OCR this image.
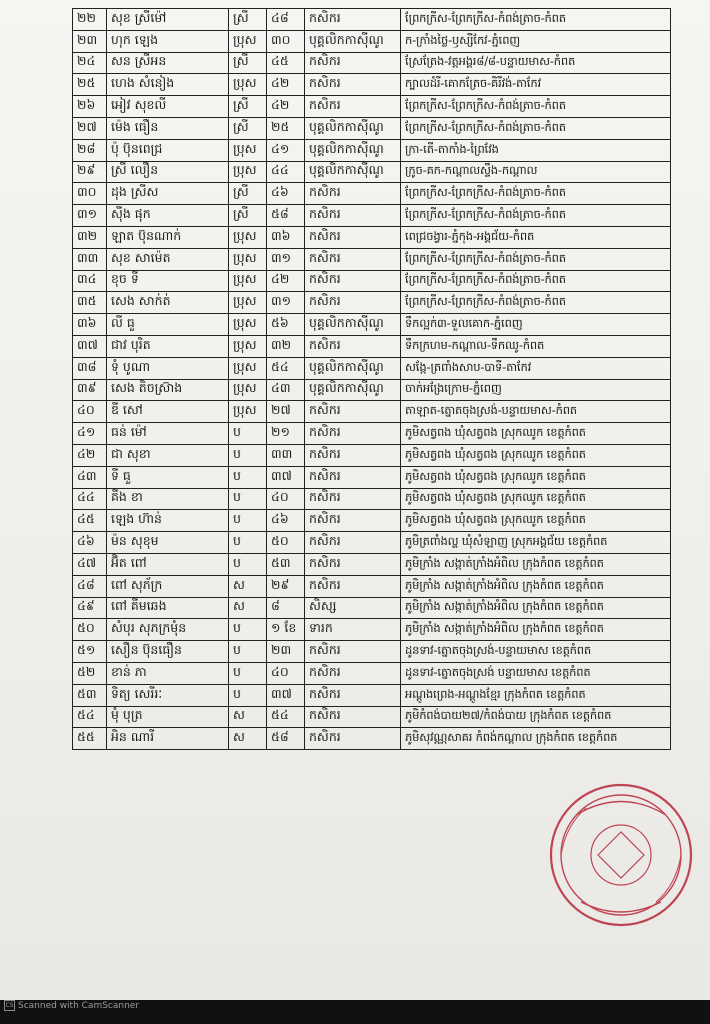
២២	សុខ ស្រីម៉ៅ	ស្រី	៤៨	កសិករ	ព្រែកក្រីស-ព្រែកក្រីស-កំពង់ត្រាច-កំពត
២៣	ហុក ឡេង	ប្រុស	៣០	បុគ្គលិកកាស៊ីណូ	ក-ក្រាំងថ្លៃ-ឫស្សីកែវ-ភ្នំពេញ
២៤	សន ស្រីអន	ស្រី	៤៥	កសិករ	ស្រែត្រែង-វត្តអង្គរ៨/៨-បន្ទាយមាស-កំពត
២៥	ហេង សំនៀង	ប្រុស	៤២	កសិករ	ក្បាលដំរី-គោកត្រែច-គិរីវង់-តាកែវ
២៦	អៀវ សុខលី	ស្រី	៤២	កសិករ	ព្រែកក្រីស-ព្រែកក្រីស-កំពង់ត្រាច-កំពត
២៧	ម៉េង ធឿន	ស្រី	២៥	បុគ្គលិកកាស៊ីណូ	ព្រែកក្រីស-ព្រែកក្រីស-កំពង់ត្រាច-កំពត
២៨	ប៉ុ ប៊ុនពេជ្រ	ប្រុស	៤១	បុគ្គលិកកាស៊ីណូ	ក្រា-តើ-តាកាំង-ព្រៃវែង
២៩	ស្រី លឿន	ប្រុស	៤៤	បុគ្គលិកកាស៊ីណូ	ក្រូច-គក-កណ្ដាលស្ទឹង-កណ្ដាល
៣០	ដុង ស្រីស	ស្រី	៤៦	កសិករ	ព្រែកក្រីស-ព្រែកក្រីស-កំពង់ត្រាច-កំពត
៣១	ស៊ីង ផុក	ស្រី	៥៨	កសិករ	ព្រែកក្រីស-ព្រែកក្រីស-កំពង់ត្រាច-កំពត
៣២	ឡាត ប៊ុនណាក់	ប្រុស	៣៦	កសិករ	ពេជ្រចង្វារ-ភ្នំកុង-អង្គជ័យ-កំពត
៣៣	សុខ សាម៉េត	ប្រុស	៣១	កសិករ	ព្រែកក្រីស-ព្រែកក្រីស-កំពង់ត្រាច-កំពត
៣៤	ខុច ទី	ប្រុស	៤២	កសិករ	ព្រែកក្រីស-ព្រែកក្រីស-កំពង់ត្រាច-កំពត
៣៥	សេង សាក់ត់	ប្រុស	៣១	កសិករ	ព្រែកក្រីស-ព្រែកក្រីស-កំពង់ត្រាច-កំពត
៣៦	លី ធួ	ប្រុស	៥៦	បុគ្គលិកកាស៊ីណូ	ទឹកល្អក់៣-ទួលគោក-ភ្នំពេញ
៣៧	ជាវ បុរិត	ប្រុស	៣២	កសិករ	ទឹកក្រហម-កណ្ដាល-ទឹកឈូ-កំពត
៣៨	ទុំ បូណា	ប្រុស	៥៤	បុគ្គលិកកាស៊ីណូ	សង្កែ-ត្រពាំងសាប-បាទី-តាកែវ
៣៩	សេង តិចស្រ៊ាង	ប្រុស	៤៣	បុគ្គលិកកាស៊ីណូ	ចាក់អង្រែក្រោម-ភ្នំពេញ
៤០	ឌី សៅ	ប្រុស	២៧	កសិករ	តាឡាត-ត្នោតចុងស្រង់-បន្ទាយមាស-កំពត
៤១	ធន់ ម៉ៅ	ប	២១	កសិករ	ភូមិសត្វពង ឃុំសត្វពង ស្រុកឈូក ខេត្តកំពត
៤២	ជា សុខា	ប	៣៣	កសិករ	ភូមិសត្វពង ឃុំសត្វពង ស្រុកឈូក ខេត្តកំពត
៤៣	ទី ធួ	ប	៣៧	កសិករ	ភូមិសត្វពង ឃុំសត្វពង ស្រុកឈូក ខេត្តកំពត
៤៤	គីង ខា	ប	៤០	កសិករ	ភូមិសត្វពង ឃុំសត្វពង ស្រុកឈូក ខេត្តកំពត
៤៥	ឡេង ហ៊ាន់	ប	៤៦	កសិករ	ភូមិសត្វពង ឃុំសត្វពង ស្រុកឈូក ខេត្តកំពត
៤៦	ម៉ន សុខុម	ប	៥០	កសិករ	ភូមិត្រពាំងល្ហ ឃុំសំឡាញ ស្រុកអង្គជ័យ ខេត្តកំពត
៤៧	អ៊ិត ពៅ	ប	៥៣	កសិករ	ភូមិក្រាំង សង្កាត់ក្រាំងអំពិល ក្រុងកំពត ខេត្តកំពត
៤៨	ពៅ សុភ័ក្រ	ស	២៩	កសិករ	ភូមិក្រាំង សង្កាត់ក្រាំងអំពិល ក្រុងកំពត ខេត្តកំពត
៤៩	ពៅ គីមឆេង	ស	៨	សិស្ស	ភូមិក្រាំង សង្កាត់ក្រាំងអំពិល ក្រុងកំពត ខេត្តកំពត
៥០	សំបុរ សុភក្រមុំន	ប	១ ខែ	ទារក	ភូមិក្រាំង សង្កាត់ក្រាំងអំពិល ក្រុងកំពត ខេត្តកំពត
៥១	សឿន ប៊ុនធឿន	ប	២៣	កសិករ	ដូនទាវ-ត្នោតចុងស្រង់-បន្ទាយមាស ខេត្តកំពត
៥២	ខាន់ ភា	ប	៤០	កសិករ	ដូនទាវ-ត្នោតចុងស្រង់ បន្ទាយមាស ខេត្តកំពត
៥៣	ទិត្យ សេរីរៈ	ប	៣៧	កសិករ	អណ្ដូងព្រេង-អណ្ដូងខ្មែរ ក្រុងកំពត ខេត្តកំពត
៥៤	មុំ បុត្រ	ស	៥៤	កសិករ	ភូមិកំពង់បាយ២៧/កំពង់បាយ ក្រុងកំពត ខេត្តកំពត
៥៥	អិន ណារី	ស	៥៨	កសិករ	ភូមិសុវណ្ណសាគរ កំពង់កណ្ដាល ក្រុងកំពត ខេត្តកំពត
CS Scanned with CamScanner
